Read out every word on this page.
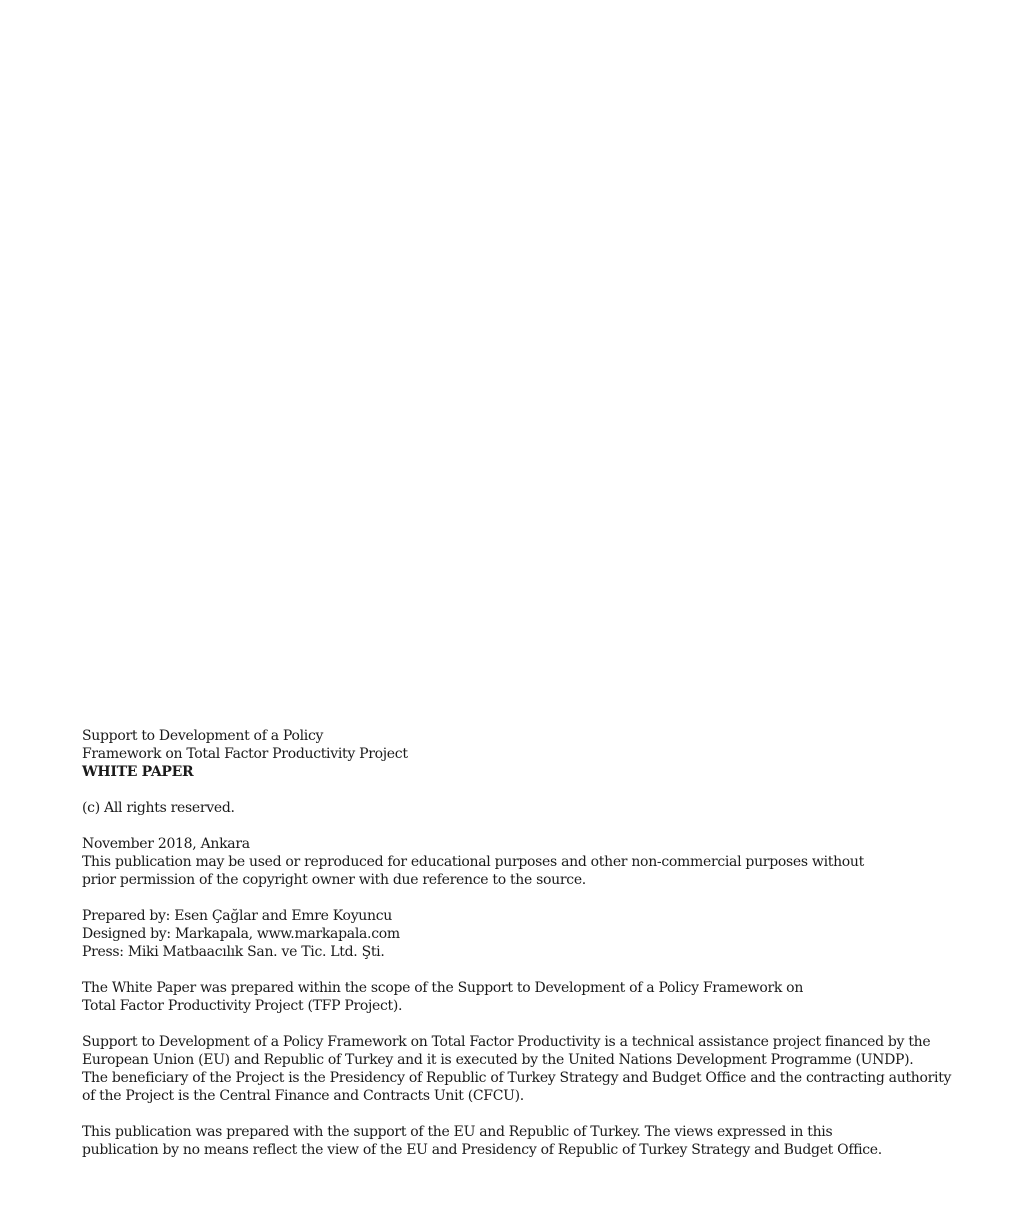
Support to Development of a Policy
Framework on Total Factor Productivity Project
WHITE PAPER
(c) All rights reserved.
November 2018, Ankara
This publication may be used or reproduced for educational purposes and other non-commercial purposes without
prior permission of the copyright owner with due reference to the source.
Prepared by: Esen Çağlar and Emre Koyuncu
Designed by: Markapala, www.markapala.com
Press: Miki Matbaacılık San. ve Tic. Ltd. Şti.
The White Paper was prepared within the scope of the Support to Development of a Policy Framework on
Total Factor Productivity Project (TFP Project).
Support to Development of a Policy Framework on Total Factor Productivity is a technical assistance project financed by the
European Union (EU) and Republic of Turkey and it is executed by the United Nations Development Programme (UNDP).
The beneficiary of the Project is the Presidency of Republic of Turkey Strategy and Budget Office and the contracting authority
of the Project is the Central Finance and Contracts Unit (CFCU).
This publication was prepared with the support of the EU and Republic of Turkey. The views expressed in this
publication by no means reflect the view of the EU and Presidency of Republic of Turkey Strategy and Budget Office.
